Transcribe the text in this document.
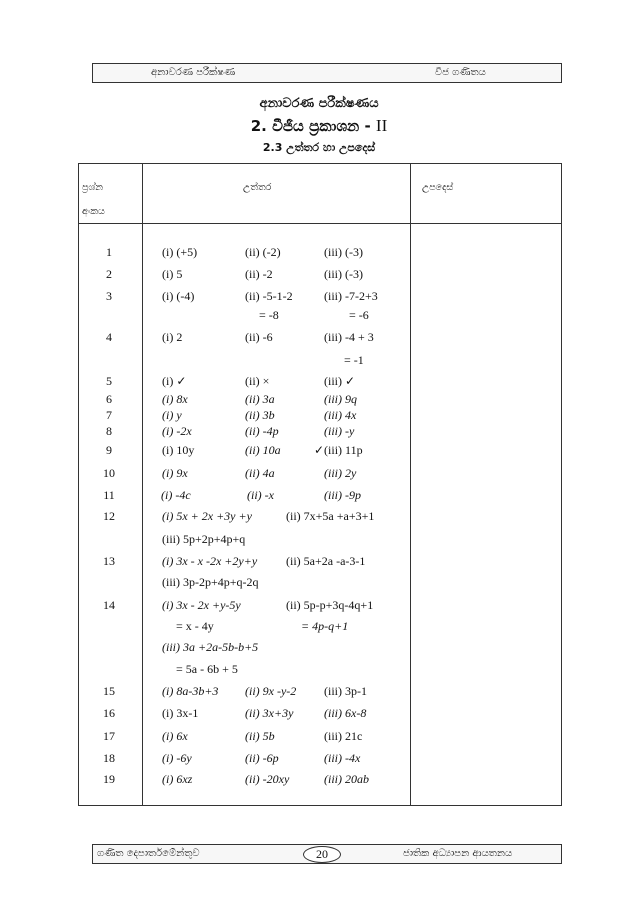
අනාවරණ පරීක්ෂණ	වීජ ගණිතය
අනාවරණ පරීක්ෂණය
2. වීජීය ප්‍රකාශන - II
2.3 උත්තර හා උපදෙස්
ප්‍රශ්න
අංකය
උත්තර	උපදෙස්
1	(i) (+5)	(ii) (-2)	(iii) (-3)
2	(i) 5	(ii) -2	(iii) (-3)
3	(i) (-4)	(ii) -5-1-2	(iii) -7-2+3
= -8	= -6
4	(i) 2	(ii) -6	(iii) -4 + 3
= -1
5	(i) ✓	(ii) ×	(iii) ✓
6	(i) 8x	(ii) 3a	(iii) 9q
7	(i) y	(ii) 3b	(iii) 4x
8	(i) -2x	(ii) -4p	(iii) -y
9	(i) 10y	(ii) 10a	✓(iii) 11p
10	(i) 9x	(ii) 4a	(iii) 2y
11	(i) -4c	(ii) -x	(iii) -9p
12	(i) 5x + 2x +3y +y	(ii) 7x+5a +a+3+1
(iii) 5p+2p+4p+q
13	(i) 3x - x -2x +2y+y (ii) 5a+2a -a-3-1
(iii) 3p-2p+4p+q-2q
14	(i) 3x - 2x +y-5y	(ii) 5p-p+3q-4q+1
= x - 4y	= 4p-q+1
(iii) 3a +2a-5b-b+5
= 5a - 6b + 5
15	(i) 8a-3b+3 (ii) 9x -y-2 (iii) 3p-1
16	(i) 3x-1	(ii) 3x+3y	(iii) 6x-8
17	(i) 6x	(ii) 5b	(iii) 21c
18	(i) -6y	(ii) -6p	(iii) -4x
19	(i) 6xz	(ii) -20xy	(iii) 20ab
ගණිත දෙපාර්තමේන්තුව	20	ජාතික අධ්‍යාපන ආයතනය
